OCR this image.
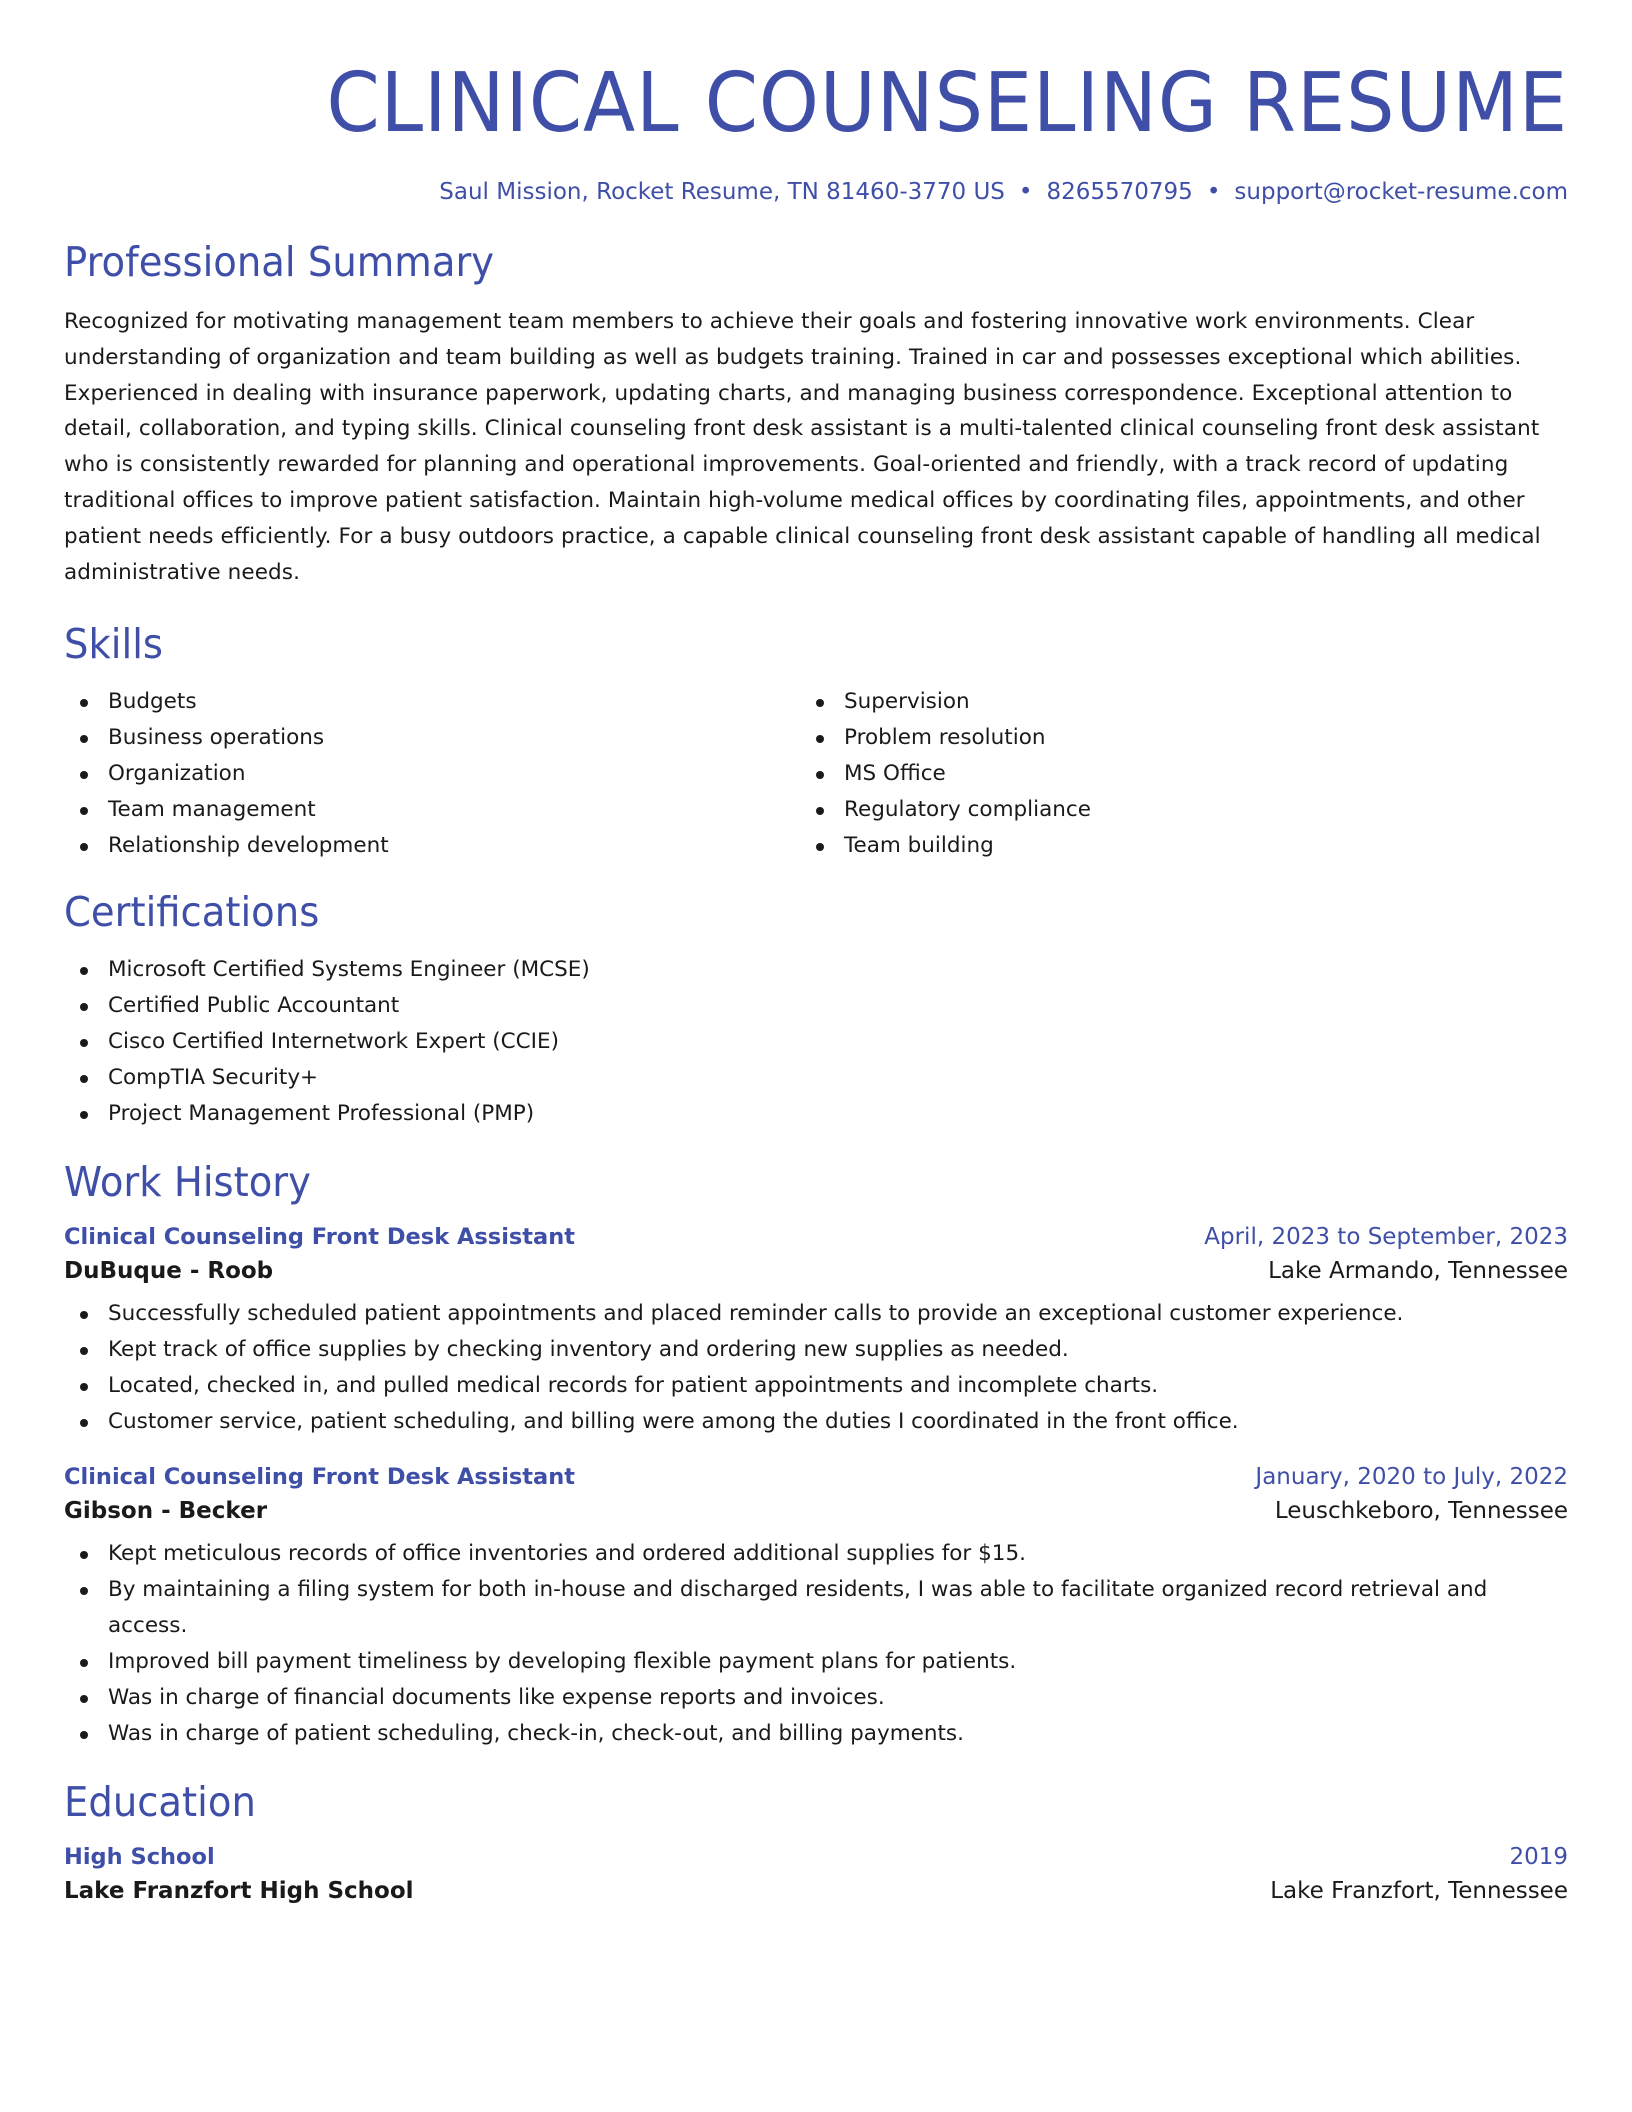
CLINICAL COUNSELING RESUME
Saul Mission, Rocket Resume, TN 81460-3770 US • 8265570795 • support@rocket-resume.com
Professional Summary

Recognized for motivating management team members to achieve their goals and fostering innovative work environments. Clear understanding of organization and team building as well as budgets training. Trained in car and possesses exceptional which abilities. Experienced in dealing with insurance paperwork, updating charts, and managing business correspondence. Exceptional attention to detail, collaboration, and typing skills. Clinical counseling front desk assistant is a multi-talented clinical counseling front desk assistant who is consistently rewarded for planning and operational improvements. Goal-oriented and friendly, with a track record of updating traditional offices to improve patient satisfaction. Maintain high-volume medical offices by coordinating files, appointments, and other patient needs efficiently. For a busy outdoors practice, a capable clinical counseling front desk assistant capable of handling all medical administrative needs.

Skills
Budgets
Business operations
Organization
Team management
Relationship development
Supervision
Problem resolution
MS Office
Regulatory compliance
Team building
Certifications
Microsoft Certified Systems Engineer (MCSE)
Certified Public Accountant
Cisco Certified Internetwork Expert (CCIE)
CompTIA Security+
Project Management Professional (PMP)
Work History
Clinical Counseling Front Desk Assistant	April, 2023 to September, 2023
DuBuque - Roob	Lake Armando, Tennessee
Successfully scheduled patient appointments and placed reminder calls to provide an exceptional customer experience.
Kept track of office supplies by checking inventory and ordering new supplies as needed.
Located, checked in, and pulled medical records for patient appointments and incomplete charts.
Customer service, patient scheduling, and billing were among the duties I coordinated in the front office.
Clinical Counseling Front Desk Assistant	January, 2020 to July, 2022
Gibson - Becker	Leuschkeboro, Tennessee
Kept meticulous records of office inventories and ordered additional supplies for $15.
By maintaining a filing system for both in-house and discharged residents, I was able to facilitate organized record retrieval and access.
Improved bill payment timeliness by developing flexible payment plans for patients.
Was in charge of financial documents like expense reports and invoices.
Was in charge of patient scheduling, check-in, check-out, and billing payments.
Education
High School	2019
Lake Franzfort High School	Lake Franzfort, Tennessee
